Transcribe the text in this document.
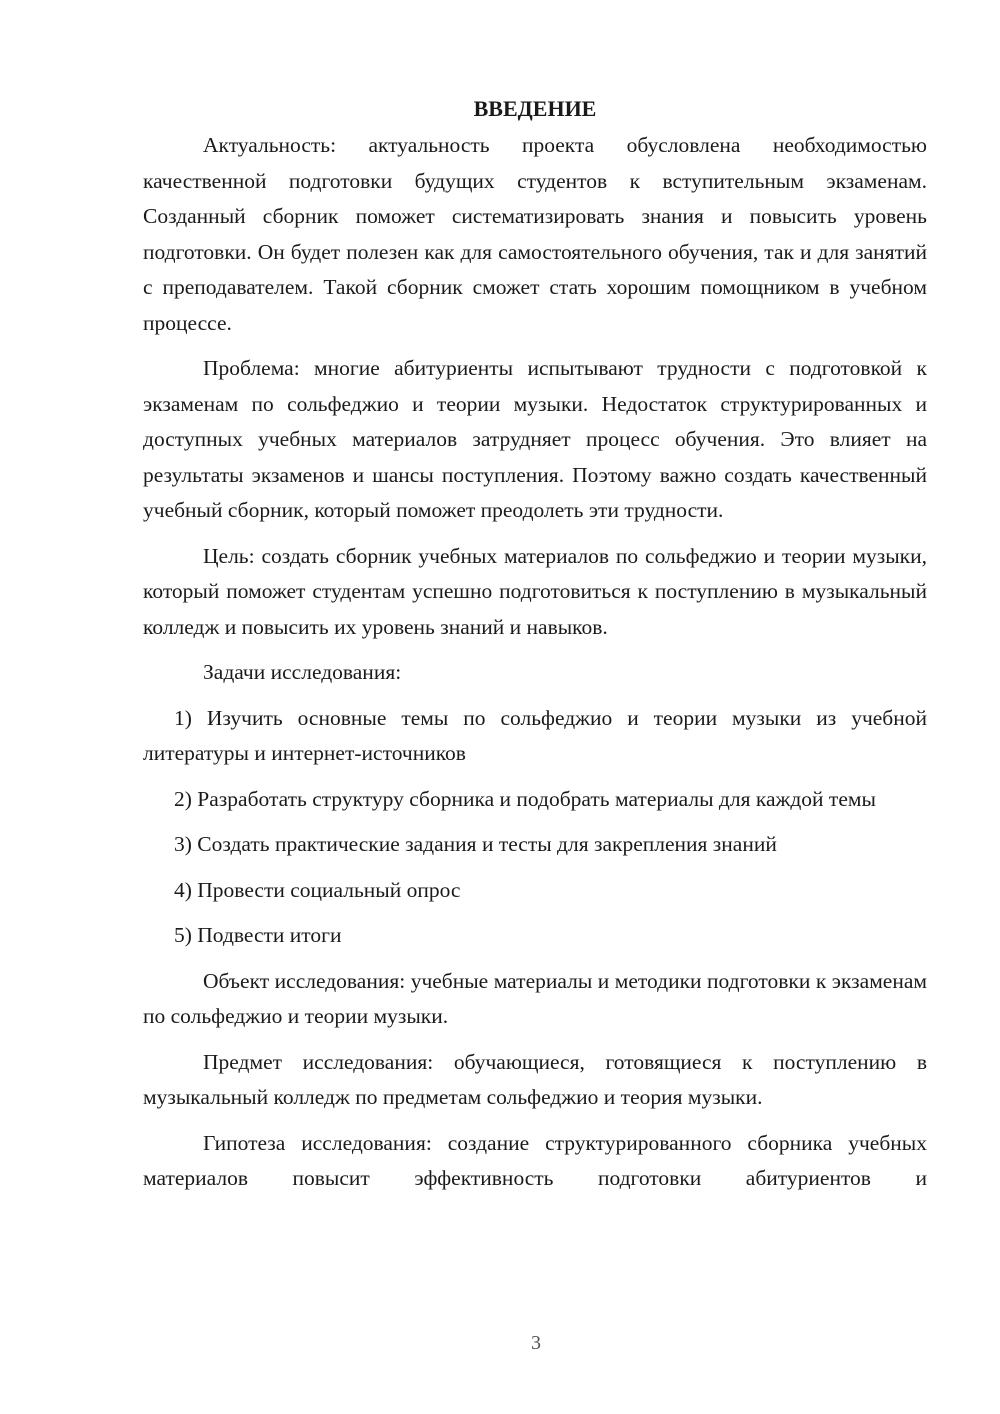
ВВЕДЕНИЕ

Актуальность: актуальность проекта обусловлена необходимостью качественной подготовки будущих студентов к вступительным экзаменам. Созданный сборник поможет систематизировать знания и повысить уровень подготовки. Он будет полезен как для самостоятельного обучения, так и для занятий с преподавателем. Такой сборник сможет стать хорошим помощником в учебном процессе.

Проблема: многие абитуриенты испытывают трудности с подготовкой к экзаменам по сольфеджио и теории музыки. Недостаток структурированных и доступных учебных материалов затрудняет процесс обучения. Это влияет на результаты экзаменов и шансы поступления. Поэтому важно создать качественный учебный сборник, который поможет преодолеть эти трудности.

Цель: создать сборник учебных материалов по сольфеджио и теории музыки, который поможет студентам успешно подготовиться к поступлению в музыкальный колледж и повысить их уровень знаний и навыков.

Задачи исследования:

1) Изучить основные темы по сольфеджио и теории музыки из учебной литературы и интернет-источников

2) Разработать структуру сборника и подобрать материалы для каждой темы

3) Создать практические задания и тесты для закрепления знаний

4) Провести социальный опрос

5) Подвести итоги

Объект исследования: учебные материалы и методики подготовки к экзаменам по сольфеджио и теории музыки.

Предмет исследования: обучающиеся, готовящиеся к поступлению в музыкальный колледж по предметам сольфеджио и теория музыки.

Гипотеза исследования: создание структурированного сборника учебных материалов повысит эффективность подготовки абитуриентов и

3
